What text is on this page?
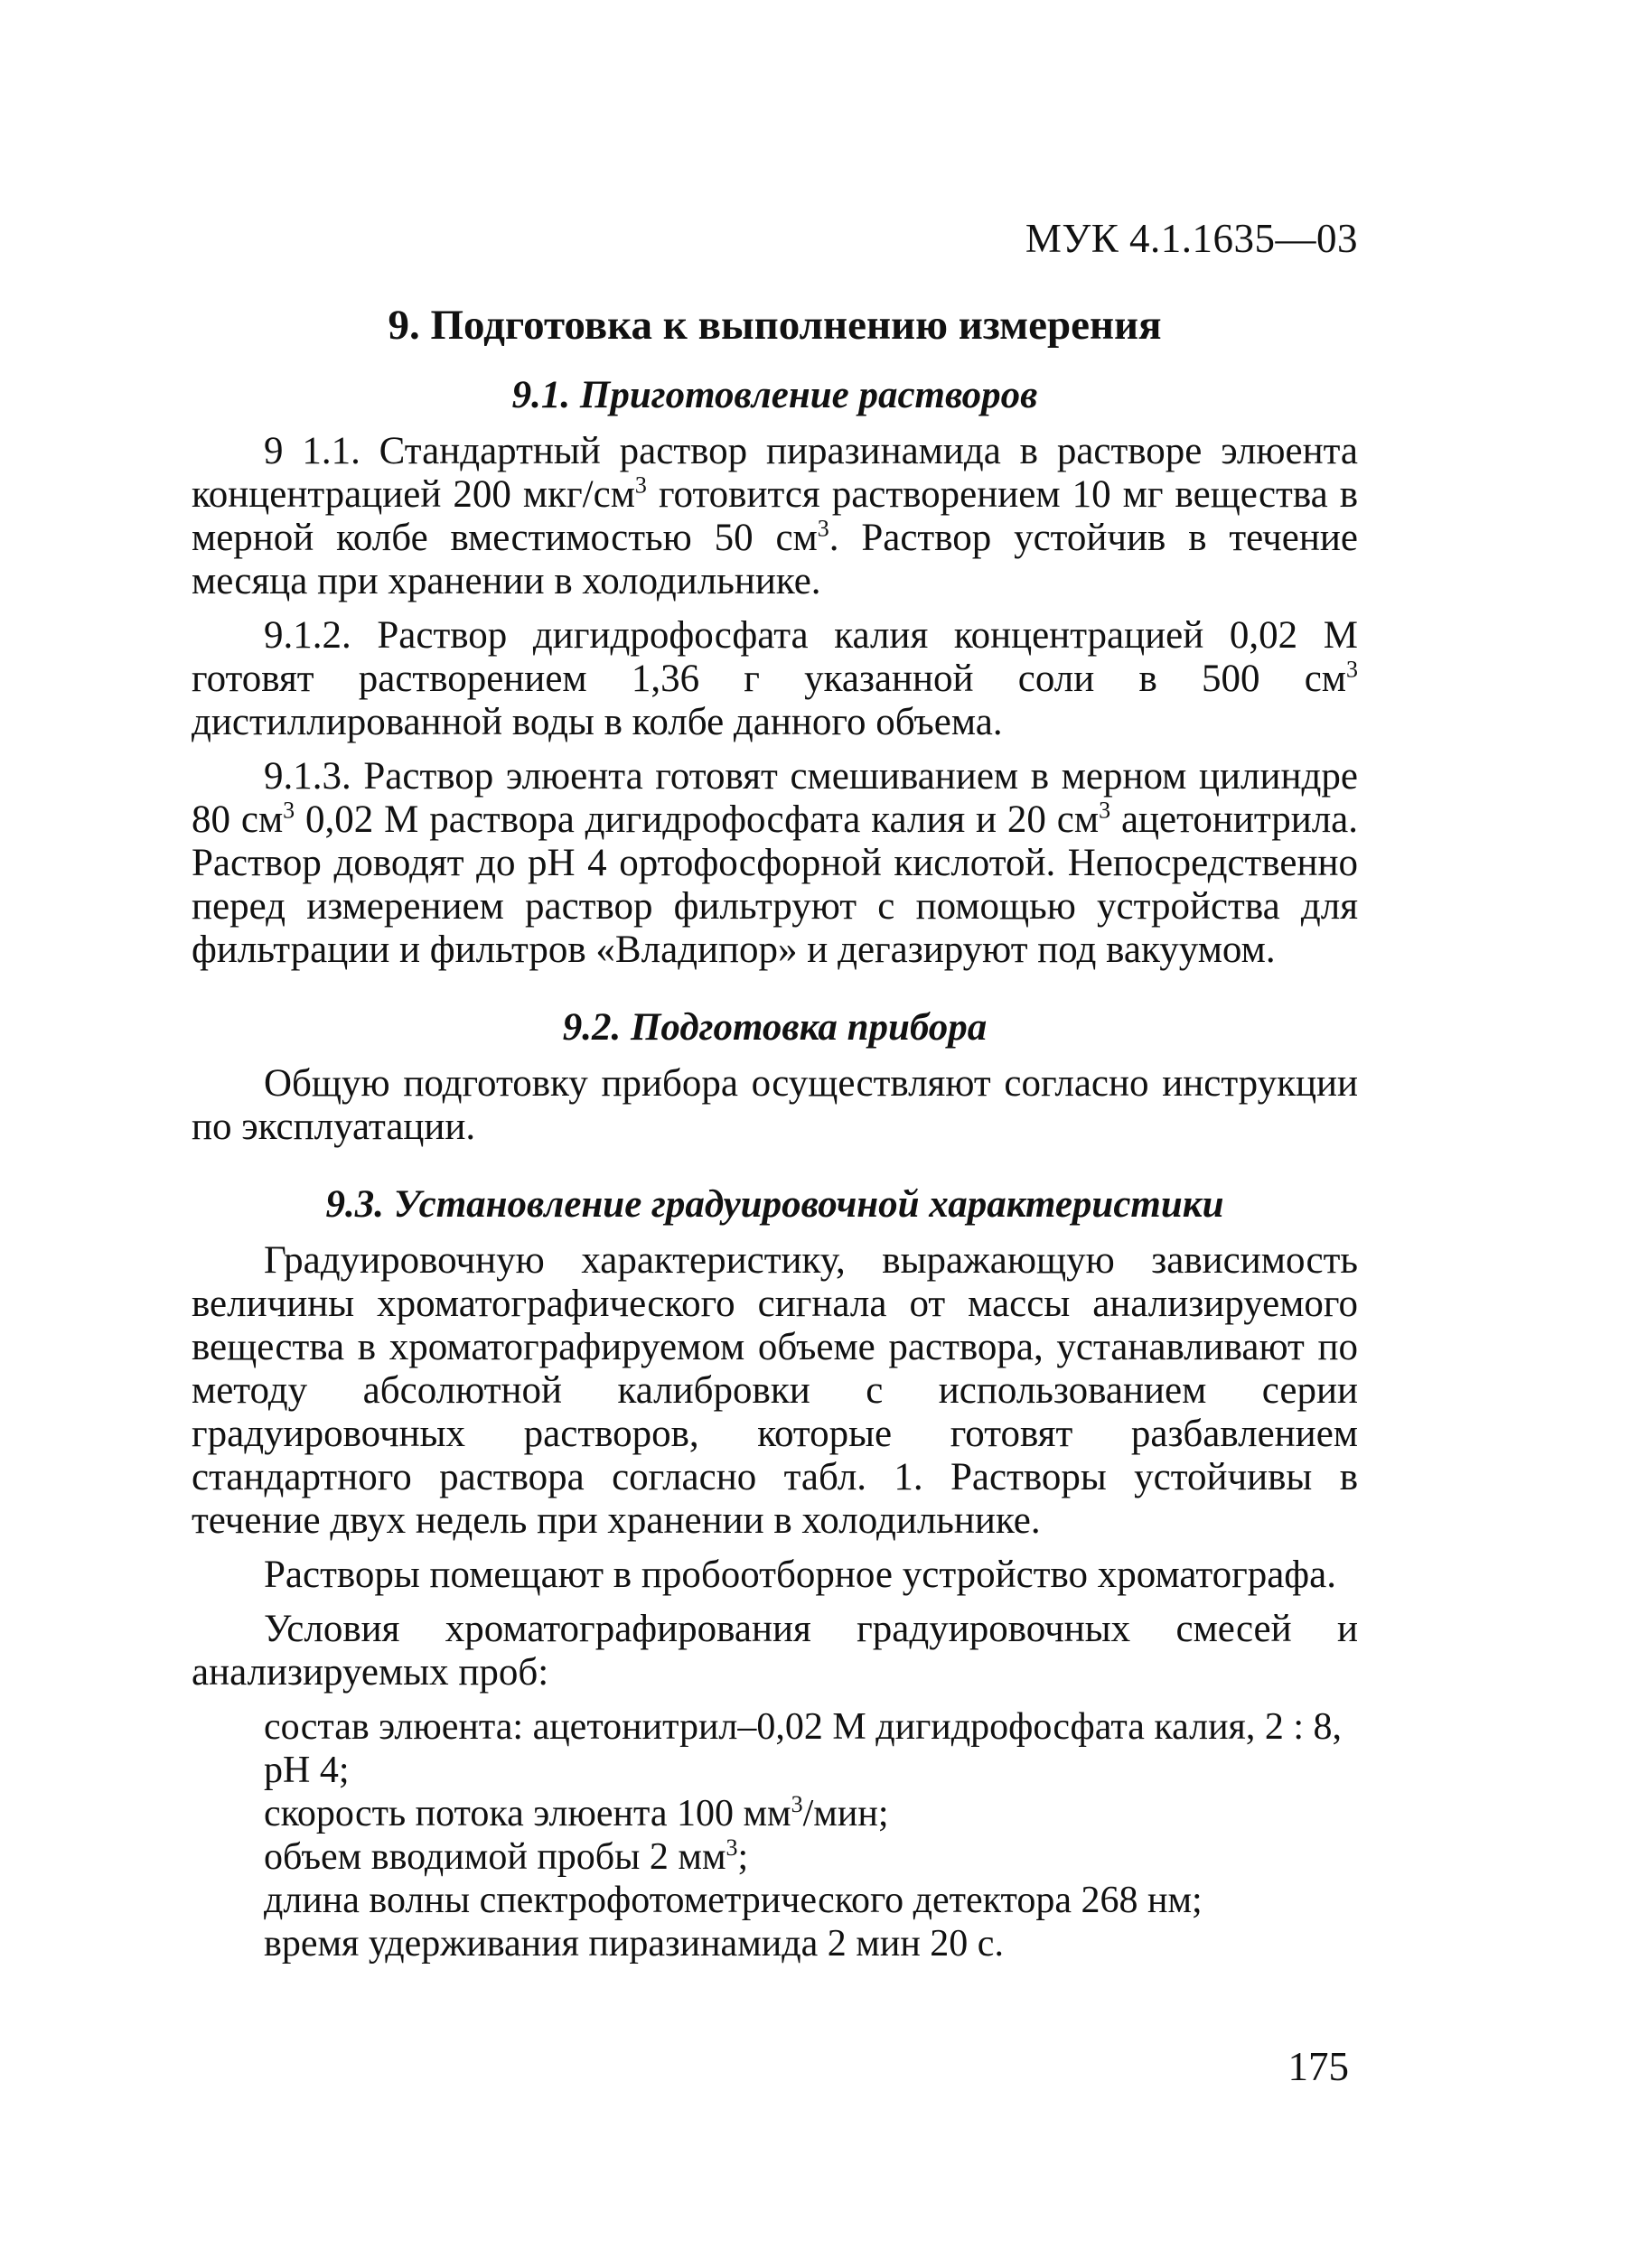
МУК 4.1.1635—03
9. Подготовка к выполнению измерения
9.1. Приготовление растворов

9 1.1. Стандартный раствор пиразинамида в растворе элюента концентрацией 200 мкг/$см^3$ готовится растворением 10 мг вещества в мерной колбе вместимостью 50 $см^3$. Раствор устойчив в течение месяца при хранении в холодильнике.

9.1.2. Раствор дигидрофосфата калия концентрацией 0,02 М готовят растворением 1,36 г указанной соли в 500 $см^3$ дистиллированной воды в колбе данного объема.

9.1.3. Раствор элюента готовят смешиванием в мерном цилиндре 80 $см^3$ 0,02 М раствора дигидрофосфата калия и 20 $см^3$ ацетонитрила. Раствор доводят до pH 4 ортофосфорной кислотой. Непосредственно перед измерением раствор фильтруют с помощью устройства для фильтрации и фильтров «Владипор» и дегазируют под вакуумом.

9.2. Подготовка прибора

Общую подготовку прибора осуществляют согласно инструкции по эксплуатации.

9.3. Установление градуировочной характеристики

Градуировочную характеристику, выражающую зависимость величины хроматографического сигнала от массы анализируемого вещества в хроматографируемом объеме раствора, устанавливают по методу абсолютной калибровки с использованием серии градуировочных растворов, которые готовят разбавлением стандартного раствора согласно табл. 1. Растворы устойчивы в течение двух недель при хранении в холодильнике.

Растворы помещают в пробоотборное устройство хроматографа.

Условия хроматографирования градуировочных смесей и анализируемых проб:

состав элюента: ацетонитрил–0,02 М дигидрофосфата калия, 2 : 8, pH 4;
скорость потока элюента 100 $мм^3$/мин;
объем вводимой пробы 2 $мм^3$;
длина волны спектрофотометрического детектора 268 нм;
время удерживания пиразинамида 2 мин 20 с.
175
